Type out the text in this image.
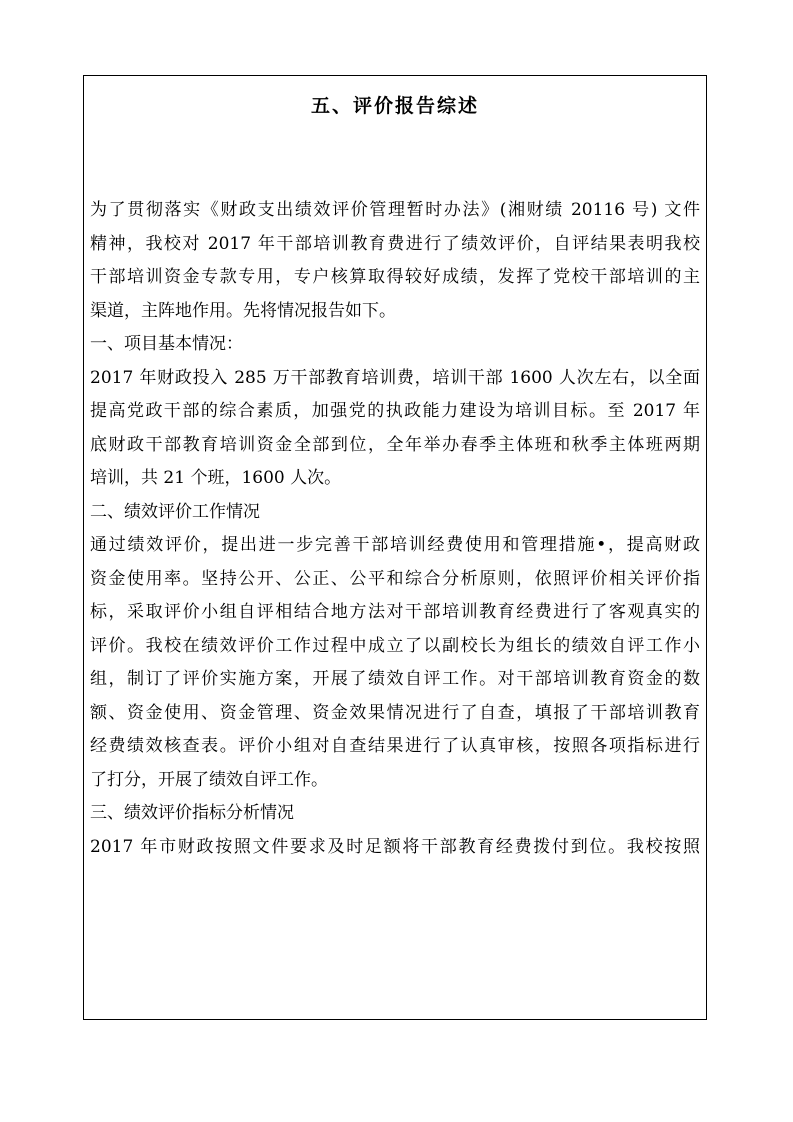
五、评价报告综述
为了贯彻落实《财政支出绩效评价管理暂时办法》(湘财绩 20116 号) 文件
精神，我校对 2017 年干部培训教育费进行了绩效评价，自评结果表明我校
干部培训资金专款专用，专户核算取得较好成绩，发挥了党校干部培训的主
渠道，主阵地作用。先将情况报告如下。
一、项目基本情况：
2017 年财政投入 285 万干部教育培训费，培训干部 1600 人次左右，以全面
提高党政干部的综合素质，加强党的执政能力建设为培训目标。至 2017 年
底财政干部教育培训资金全部到位，全年举办春季主体班和秋季主体班两期
培训，共 21 个班，1600 人次。
二、绩效评价工作情况
通过绩效评价，提出进一步完善干部培训经费使用和管理措施•，提高财政
资金使用率。坚持公开、公正、公平和综合分析原则，依照评价相关评价指
标，采取评价小组自评相结合地方法对干部培训教育经费进行了客观真实的
评价。我校在绩效评价工作过程中成立了以副校长为组长的绩效自评工作小
组，制订了评价实施方案，开展了绩效自评工作。对干部培训教育资金的数
额、资金使用、资金管理、资金效果情况进行了自查，填报了干部培训教育
经费绩效核查表。评价小组对自查结果进行了认真审核，按照各项指标进行
了打分，开展了绩效自评工作。
三、绩效评价指标分析情况
2017 年市财政按照文件要求及时足额将干部教育经费拨付到位。我校按照
